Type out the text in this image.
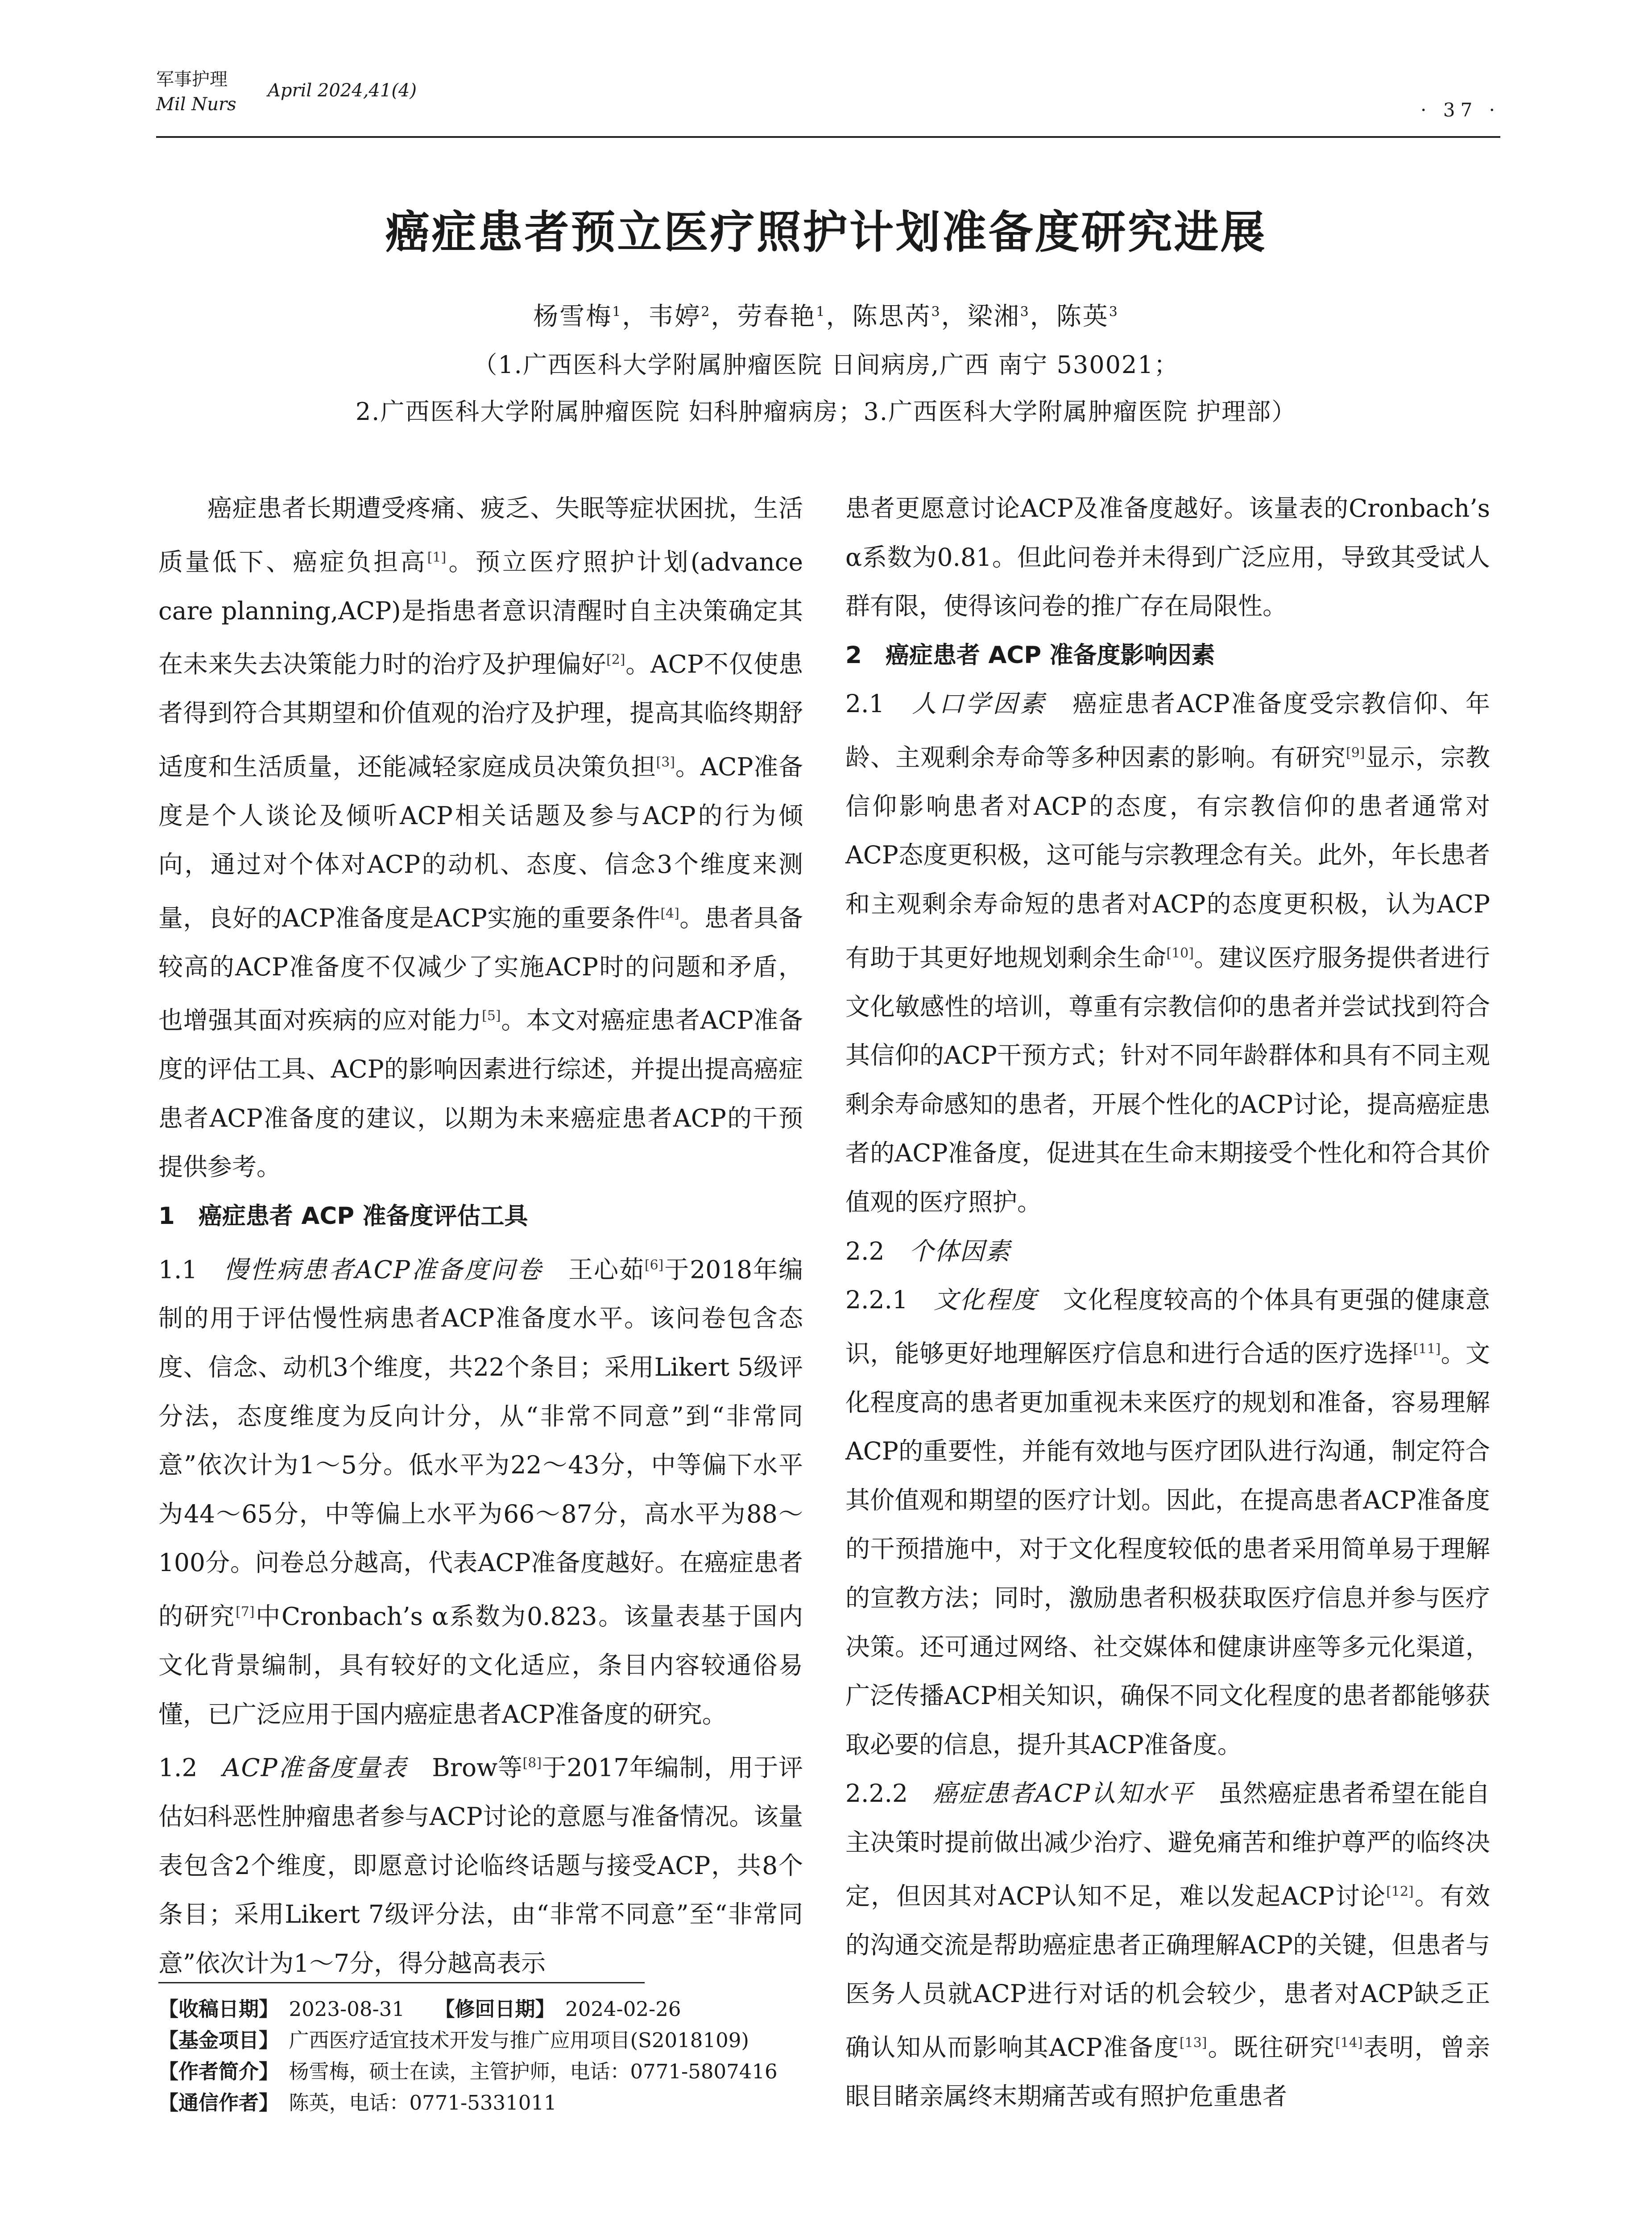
军事护理
Mil Nurs
April 2024,41(4)
· 37 ·
癌症患者预立医疗照护计划准备度研究进展
杨雪梅$^1$，韦婷$^2$，劳春艳$^1$，陈思芮$^3$，梁湘$^3$，陈英$^3$
（1.广西医科大学附属肿瘤医院 日间病房,广西 南宁 530021；
2.广西医科大学附属肿瘤医院 妇科肿瘤病房；3.广西医科大学附属肿瘤医院 护理部）

癌症患者长期遭受疼痛、疲乏、失眠等症状困扰，生活质量低下、癌症负担高[1]。预立医疗照护计划(advance care planning,ACP)是指患者意识清醒时自主决策确定其在未来失去决策能力时的治疗及护理偏好[2]。ACP不仅使患者得到符合其期望和价值观的治疗及护理，提高其临终期舒适度和生活质量，还能减轻家庭成员决策负担[3]。ACP准备度是个人谈论及倾听ACP相关话题及参与ACP的行为倾向，通过对个体对ACP的动机、态度、信念3个维度来测量，良好的ACP准备度是ACP实施的重要条件[4]。患者具备较高的ACP准备度不仅减少了实施ACP时的问题和矛盾，也增强其面对疾病的应对能力[5]。本文对癌症患者ACP准备度的评估工具、ACP的影响因素进行综述，并提出提高癌症患者ACP准备度的建议，以期为未来癌症患者ACP的干预提供参考。

1　癌症患者 ACP 准备度评估工具

1.1　慢性病患者ACP准备度问卷　王心茹[6]于2018年编制的用于评估慢性病患者ACP准备度水平。该问卷包含态度、信念、动机3个维度，共22个条目；采用Likert 5级评分法，态度维度为反向计分，从“非常不同意”到“非常同意”依次计为1～5分。低水平为22～43分，中等偏下水平为44～65分，中等偏上水平为66～87分，高水平为88～100分。问卷总分越高，代表ACP准备度越好。在癌症患者的研究[7]中Cronbach’s α系数为0.823。该量表基于国内文化背景编制，具有较好的文化适应，条目内容较通俗易懂，已广泛应用于国内癌症患者ACP准备度的研究。

1.2　ACP准备度量表　Brow等[8]于2017年编制，用于评估妇科恶性肿瘤患者参与ACP讨论的意愿与准备情况。该量表包含2个维度，即愿意讨论临终话题与接受ACP，共8个条目；采用Likert 7级评分法，由“非常不同意”至“非常同意”依次计为1～7分，得分越高表示

【收稿日期】　 2023-08-31　　 【修回日期】　 2024-02-26
【基金项目】　 广西医疗适宜技术开发与推广应用项目(S2018109)
【作者简介】　 杨雪梅，硕士在读，主管护师，电话：0771-5807416
【通信作者】　 陈英，电话：0771-5331011

患者更愿意讨论ACP及准备度越好。该量表的Cronbach’s α系数为0.81。但此问卷并未得到广泛应用，导致其受试人群有限，使得该问卷的推广存在局限性。

2　癌症患者 ACP 准备度影响因素

2.1　人口学因素　癌症患者ACP准备度受宗教信仰、年龄、主观剩余寿命等多种因素的影响。有研究[9]显示，宗教信仰影响患者对ACP的态度，有宗教信仰的患者通常对ACP态度更积极，这可能与宗教理念有关。此外，年长患者和主观剩余寿命短的患者对ACP的态度更积极，认为ACP有助于其更好地规划剩余生命[10]。建议医疗服务提供者进行文化敏感性的培训，尊重有宗教信仰的患者并尝试找到符合其信仰的ACP干预方式；针对不同年龄群体和具有不同主观剩余寿命感知的患者，开展个性化的ACP讨论，提高癌症患者的ACP准备度，促进其在生命末期接受个性化和符合其价值观的医疗照护。

2.2　个体因素

2.2.1　文化程度　文化程度较高的个体具有更强的健康意识，能够更好地理解医疗信息和进行合适的医疗选择[11]。文化程度高的患者更加重视未来医疗的规划和准备，容易理解ACP的重要性，并能有效地与医疗团队进行沟通，制定符合其价值观和期望的医疗计划。因此，在提高患者ACP准备度的干预措施中，对于文化程度较低的患者采用简单易于理解的宣教方法；同时，激励患者积极获取医疗信息并参与医疗决策。还可通过网络、社交媒体和健康讲座等多元化渠道，广泛传播ACP相关知识，确保不同文化程度的患者都能够获取必要的信息，提升其ACP准备度。

2.2.2　癌症患者ACP认知水平　虽然癌症患者希望在能自主决策时提前做出减少治疗、避免痛苦和维护尊严的临终决定，但因其对ACP认知不足，难以发起ACP讨论[12]。有效的沟通交流是帮助癌症患者正确理解ACP的关键，但患者与医务人员就ACP进行对话的机会较少，患者对ACP缺乏正确认知从而影响其ACP准备度[13]。既往研究[14]表明，曾亲眼目睹亲属终末期痛苦或有照护危重患者
